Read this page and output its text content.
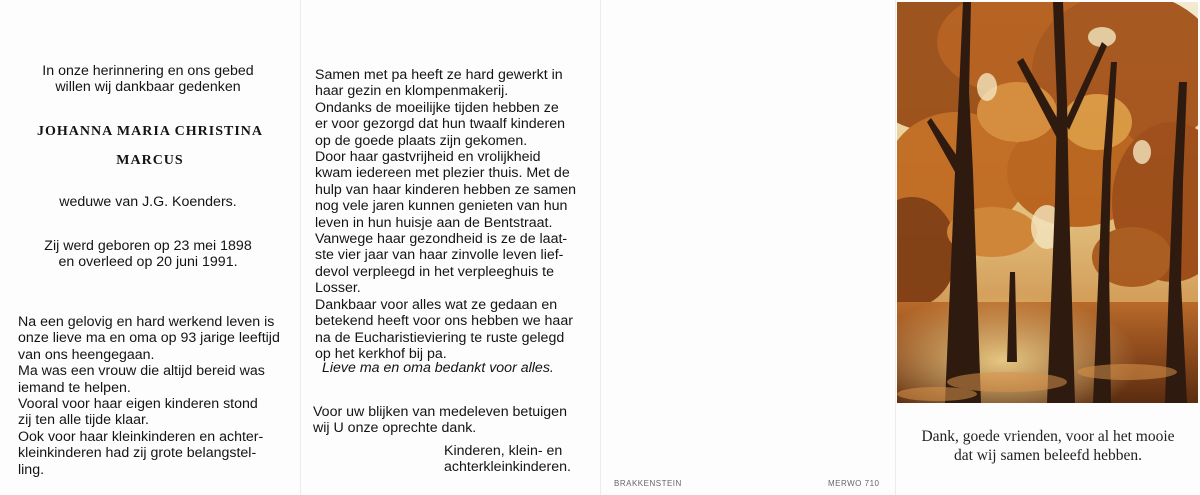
In onze herinnering en ons gebed
willen wij dankbaar gedenken

JOHANNA MARIA CHRISTINA

MARCUS

weduwe van J.G. Koenders.

Zij werd geboren op 23 mei 1898
en overleed op 20 juni 1991.

Na een gelovig en hard werkend leven is
onze lieve ma en oma op 93 jarige leeftijd
van ons heengegaan.
Ma was een vrouw die altijd bereid was
iemand te helpen.
Vooral voor haar eigen kinderen stond
zij ten alle tijde klaar.
Ook voor haar kleinkinderen en achter-
kleinkinderen had zij grote belangstel-
ling.

Samen met pa heeft ze hard gewerkt in
haar gezin en klompenmakerij.
Ondanks de moeilijke tijden hebben ze
er voor gezorgd dat hun twaalf kinderen
op de goede plaats zijn gekomen.
Door haar gastvrijheid en vrolijkheid
kwam iedereen met plezier thuis. Met de
hulp van haar kinderen hebben ze samen
nog vele jaren kunnen genieten van hun
leven in hun huisje aan de Bentstraat.
Vanwege haar gezondheid is ze de laat-
ste vier jaar van haar zinvolle leven lief-
devol verpleegd in het verpleeghuis te
Losser.
Dankbaar voor alles wat ze gedaan en
betekend heeft voor ons hebben we haar
na de Eucharistieviering te ruste gelegd
op het kerkhof bij pa.

Lieve ma en oma bedankt voor alles.

Voor uw blijken van medeleven betuigen
wij U onze oprechte dank.

Kinderen, klein- en
achterkleinkinderen.

BRAKKENSTEIN	MERWO 710

Dank, goede vrienden, voor al het mooie
dat wij samen beleefd hebben.
